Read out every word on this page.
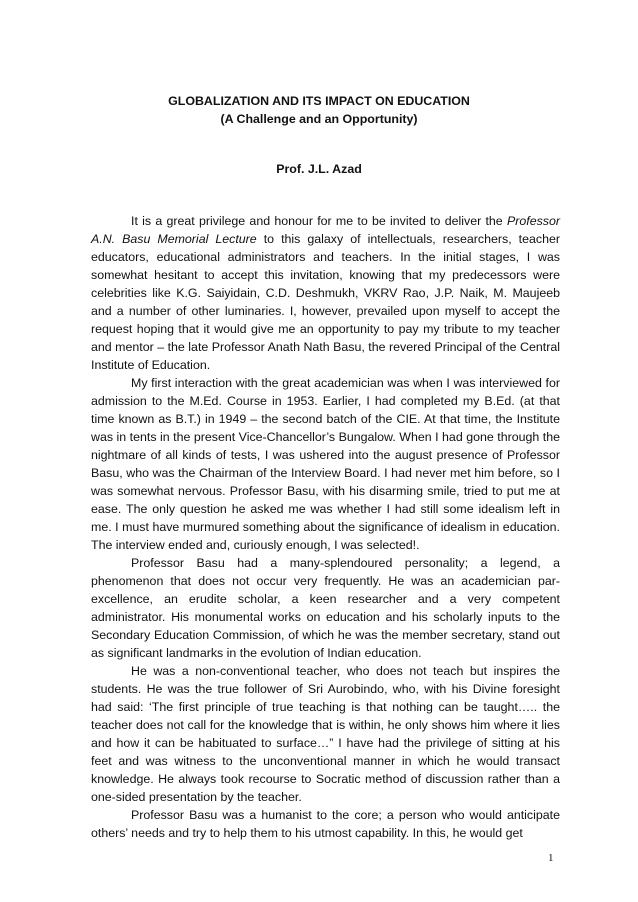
GLOBALIZATION AND ITS IMPACT ON EDUCATION
(A Challenge and an Opportunity)
Prof. J.L. Azad

It is a great privilege and honour for me to be invited to deliver the Professor A.N. Basu Memorial Lecture to this galaxy of intellectuals, researchers, teacher educators, educational administrators and teachers. In the initial stages, I was somewhat hesitant to accept this invitation, knowing that my predecessors were celebrities like K.G. Saiyidain, C.D. Deshmukh, VKRV Rao, J.P. Naik, M. Maujeeb and a number of other luminaries. I, however, prevailed upon myself to accept the request hoping that it would give me an opportunity to pay my tribute to my teacher and mentor – the late Professor Anath Nath Basu, the revered Principal of the Central Institute of Education.

My first interaction with the great academician was when I was interviewed for admission to the M.Ed. Course in 1953. Earlier, I had completed my B.Ed. (at that time known as B.T.) in 1949 – the second batch of the CIE. At that time, the Institute was in tents in the present Vice-Chancellor’s Bungalow. When I had gone through the nightmare of all kinds of tests, I was ushered into the august presence of Professor Basu, who was the Chairman of the Interview Board. I had never met him before, so I was somewhat nervous. Professor Basu, with his disarming smile, tried to put me at ease. The only question he asked me was whether I had still some idealism left in me. I must have murmured something about the significance of idealism in education. The interview ended and, curiously enough, I was selected!.

Professor Basu had a many-splendoured personality; a legend, a phenomenon that does not occur very frequently. He was an academician par-excellence, an erudite scholar, a keen researcher and a very competent administrator. His monumental works on education and his scholarly inputs to the Secondary Education Commission, of which he was the member secretary, stand out as significant landmarks in the evolution of Indian education.

He was a non-conventional teacher, who does not teach but inspires the students. He was the true follower of Sri Aurobindo, who, with his Divine foresight had said: ‘The first principle of true teaching is that nothing can be taught….. the teacher does not call for the knowledge that is within, he only shows him where it lies and how it can be habituated to surface…” I have had the privilege of sitting at his feet and was witness to the unconventional manner in which he would transact knowledge. He always took recourse to Socratic method of discussion rather than a one-sided presentation by the teacher.

Professor Basu was a humanist to the core; a person who would anticipate others’ needs and try to help them to his utmost capability. In this, he would get

1
